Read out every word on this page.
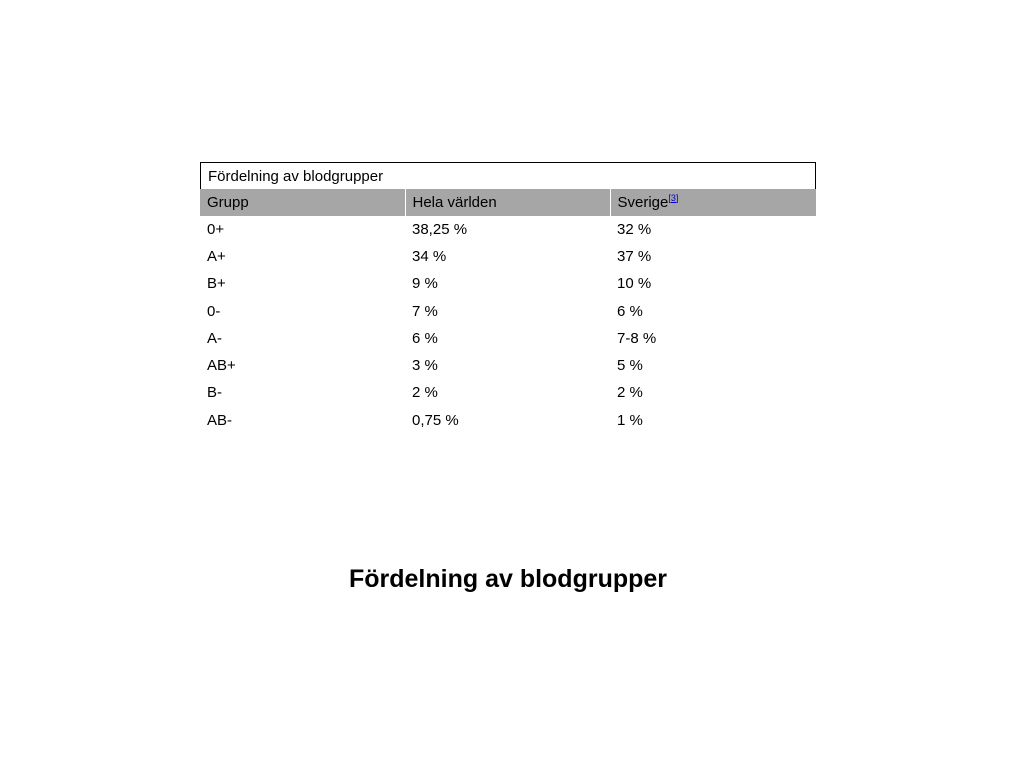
Fördelning av blodgrupper
Grupp	Hela världen	Sverige[3]
0+	38,25 %	32 %
A+	34 %	37 %
B+	9 %	10 %
0-	7 %	6 %
A-	6 %	7-8 %
AB+	3 %	5 %
B-	2 %	2 %
AB-	0,75 %	1 %
Fördelning av blodgrupper
